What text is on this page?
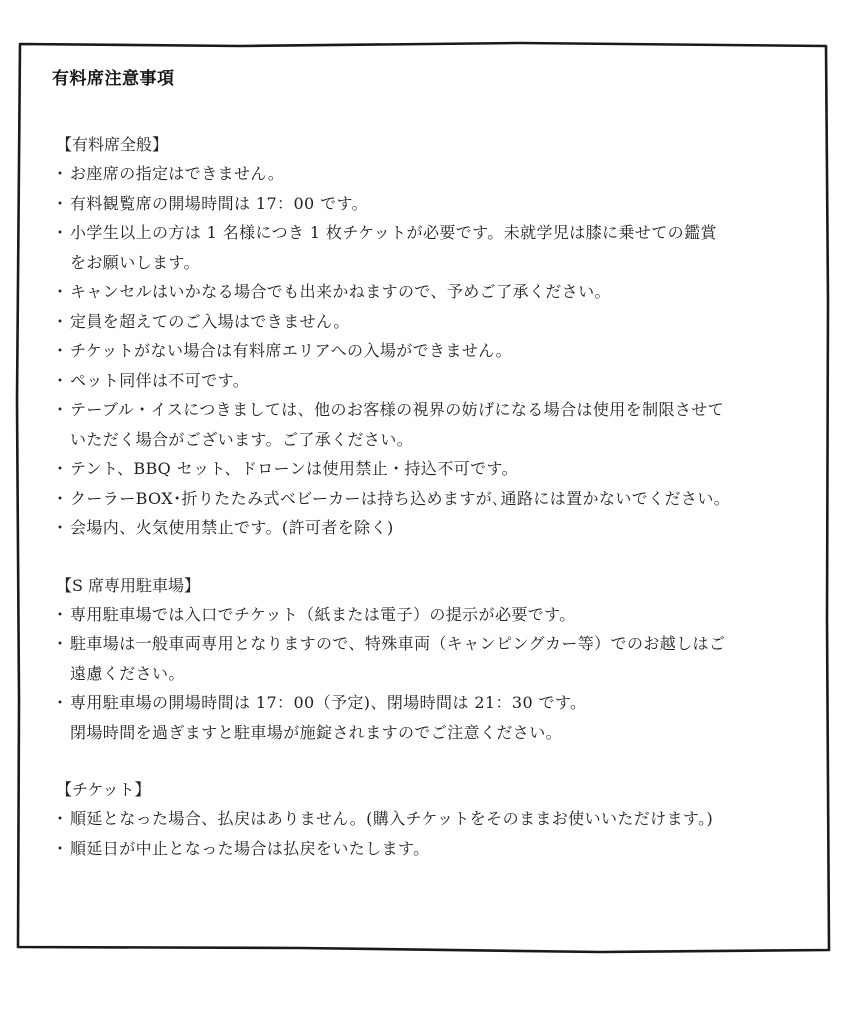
有料席注意事項
【有料席全般】
・ お座席の指定はできません。
・ 有料観覧席の開場時間は 17：00 です。
・ 小学生以上の方は 1 名様につき 1 枚チケットが必要です。未就学児は膝に乗せての鑑賞
をお願いします。
・ キャンセルはいかなる場合でも出来かねますので、予めご了承ください。
・ 定員を超えてのご入場はできません。
・ チケットがない場合は有料席エリアへの入場ができません。
・ ペット同伴は不可です。
・ テーブル・イスにつきましては、他のお客様の視界の妨げになる場合は使用を制限させて
いただく場合がございます。ご了承ください。
・ テント、BBQ セット、ドローンは使用禁止・持込不可です。
・ クーラーBOX･折りたたみ式ベビーカーは持ち込めますが､通路には置かないでください。
・ 会場内、火気使用禁止です。(許可者を除く)
【S 席専用駐車場】
・ 専用駐車場では入口でチケット（紙または電子）の提示が必要です。
・ 駐車場は一般車両専用となりますので、特殊車両（キャンピングカー等）でのお越しはご
遠慮ください。
・ 専用駐車場の開場時間は 17：00（予定)、閉場時間は 21：30 です。
閉場時間を過ぎますと駐車場が施錠されますのでご注意ください。
【チケット】
・ 順延となった場合、払戻はありません。(購入チケットをそのままお使いいただけます。)
・ 順延日が中止となった場合は払戻をいたします。
